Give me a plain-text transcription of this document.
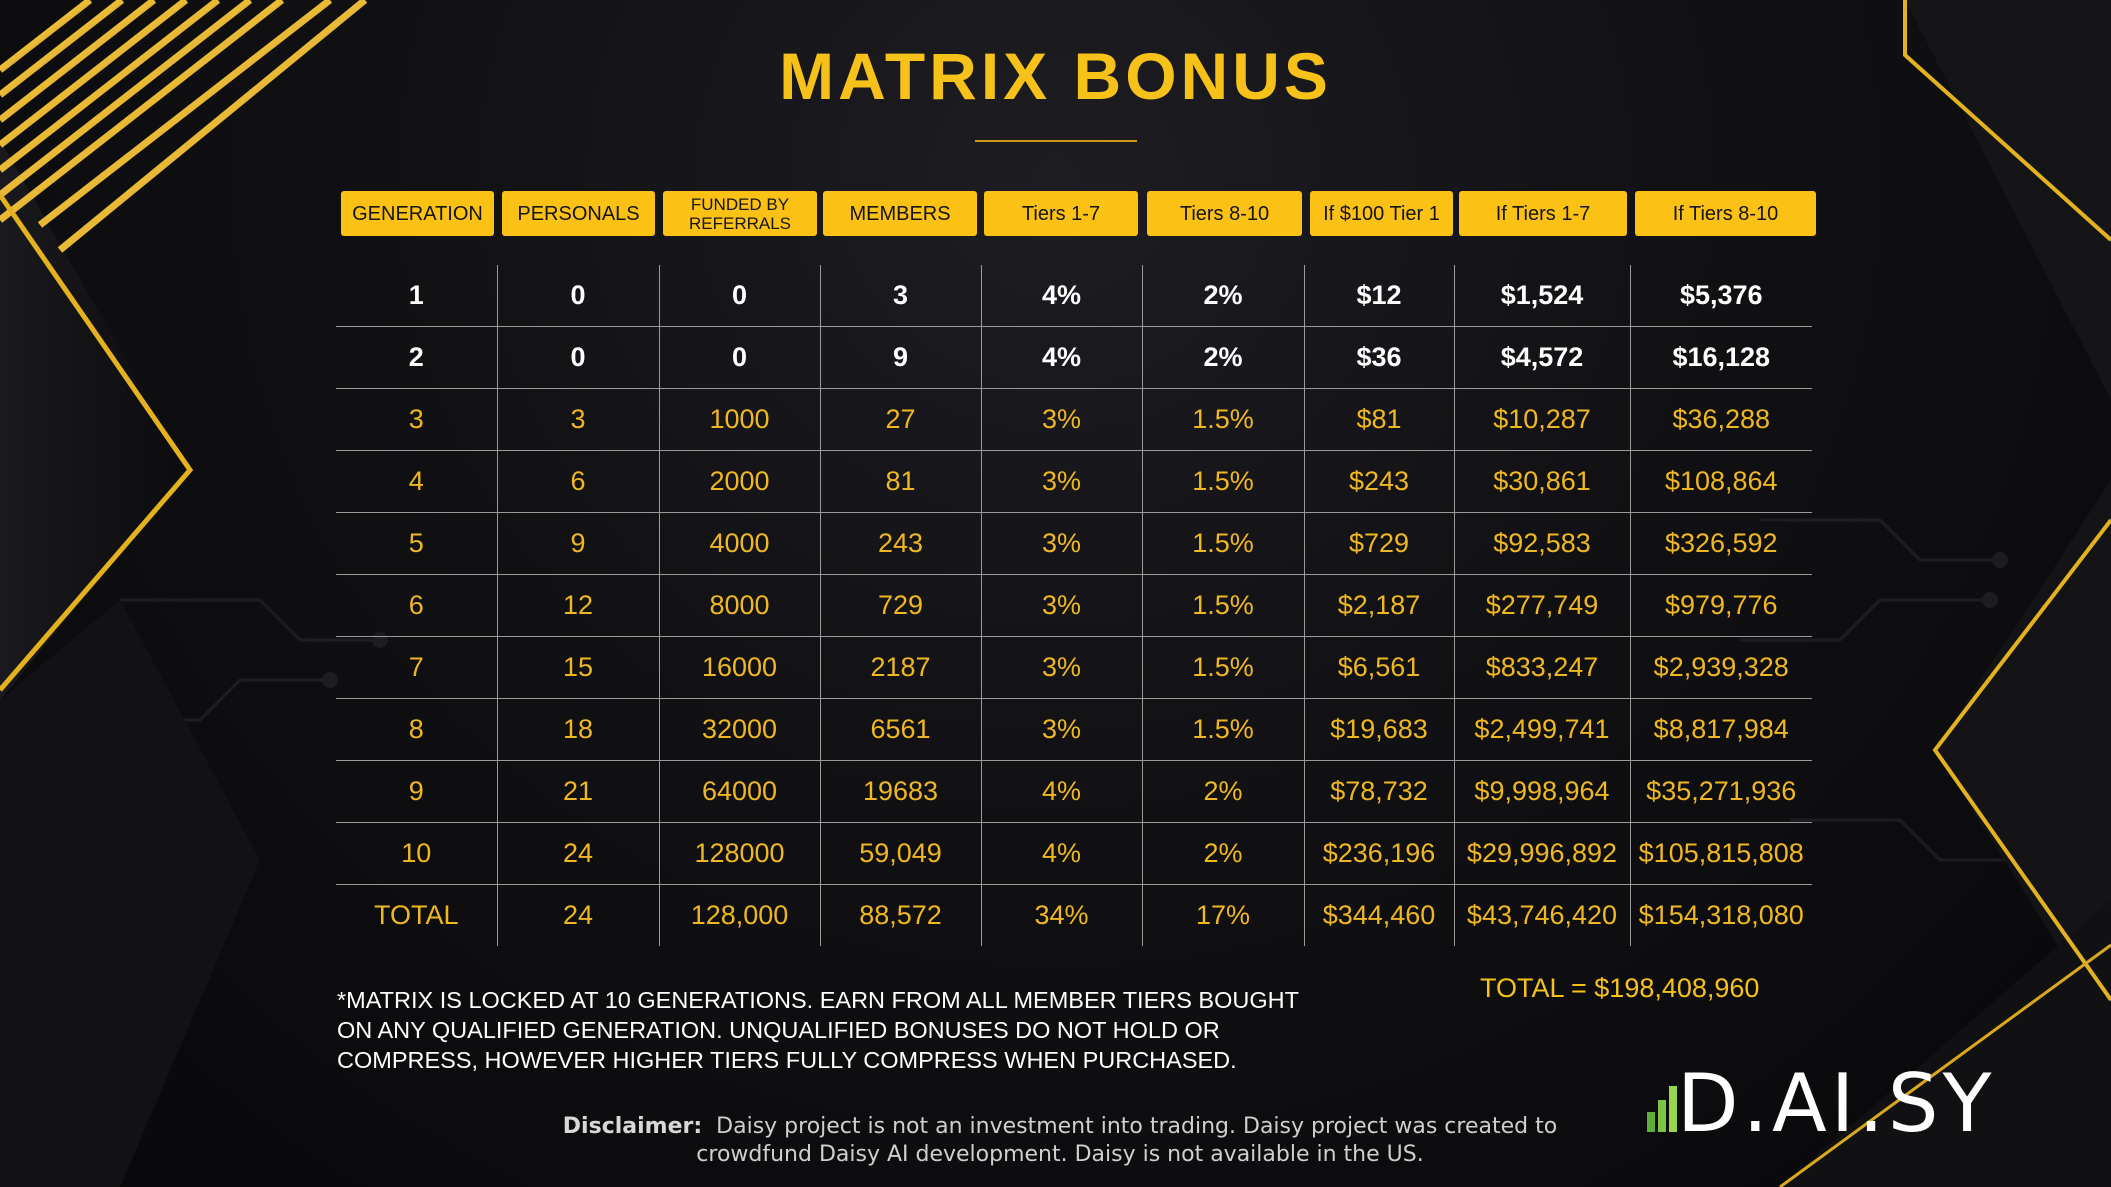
MATRIX BONUS
GENERATION	PERSONALS	FUNDED BY REFERRALS	MEMBERS	Tiers 1-7	Tiers 8-10	If $100 Tier 1	If Tiers 1-7	If Tiers 8-10
1	0	0	3	4%	2%	$12	$1,524	$5,376
2	0	0	9	4%	2%	$36	$4,572	$16,128
3	3	1000	27	3%	1.5%	$81	$10,287	$36,288
4	6	2000	81	3%	1.5%	$243	$30,861	$108,864
5	9	4000	243	3%	1.5%	$729	$92,583	$326,592
6	12	8000	729	3%	1.5%	$2,187	$277,749	$979,776
7	15	16000	2187	3%	1.5%	$6,561	$833,247	$2,939,328
8	18	32000	6561	3%	1.5%	$19,683	$2,499,741	$8,817,984
9	21	64000	19683	4%	2%	$78,732	$9,998,964	$35,271,936
10	24	128000	59,049	4%	2%	$236,196	$29,996,892	$105,815,808
TOTAL	24	128,000	88,572	34%	17%	$344,460	$43,746,420	$154,318,080
*MATRIX IS LOCKED AT 10 GENERATIONS. EARN FROM ALL MEMBER TIERS BOUGHT
ON ANY QUALIFIED GENERATION. UNQUALIFIED BONUSES DO NOT HOLD OR
COMPRESS, HOWEVER HIGHER TIERS FULLY COMPRESS WHEN PURCHASED.
TOTAL = $198,408,960
Disclaimer: Daisy project is not an investment into trading. Daisy project was created to
crowdfund Daisy AI development. Daisy is not available in the US.
D.AI.SY
